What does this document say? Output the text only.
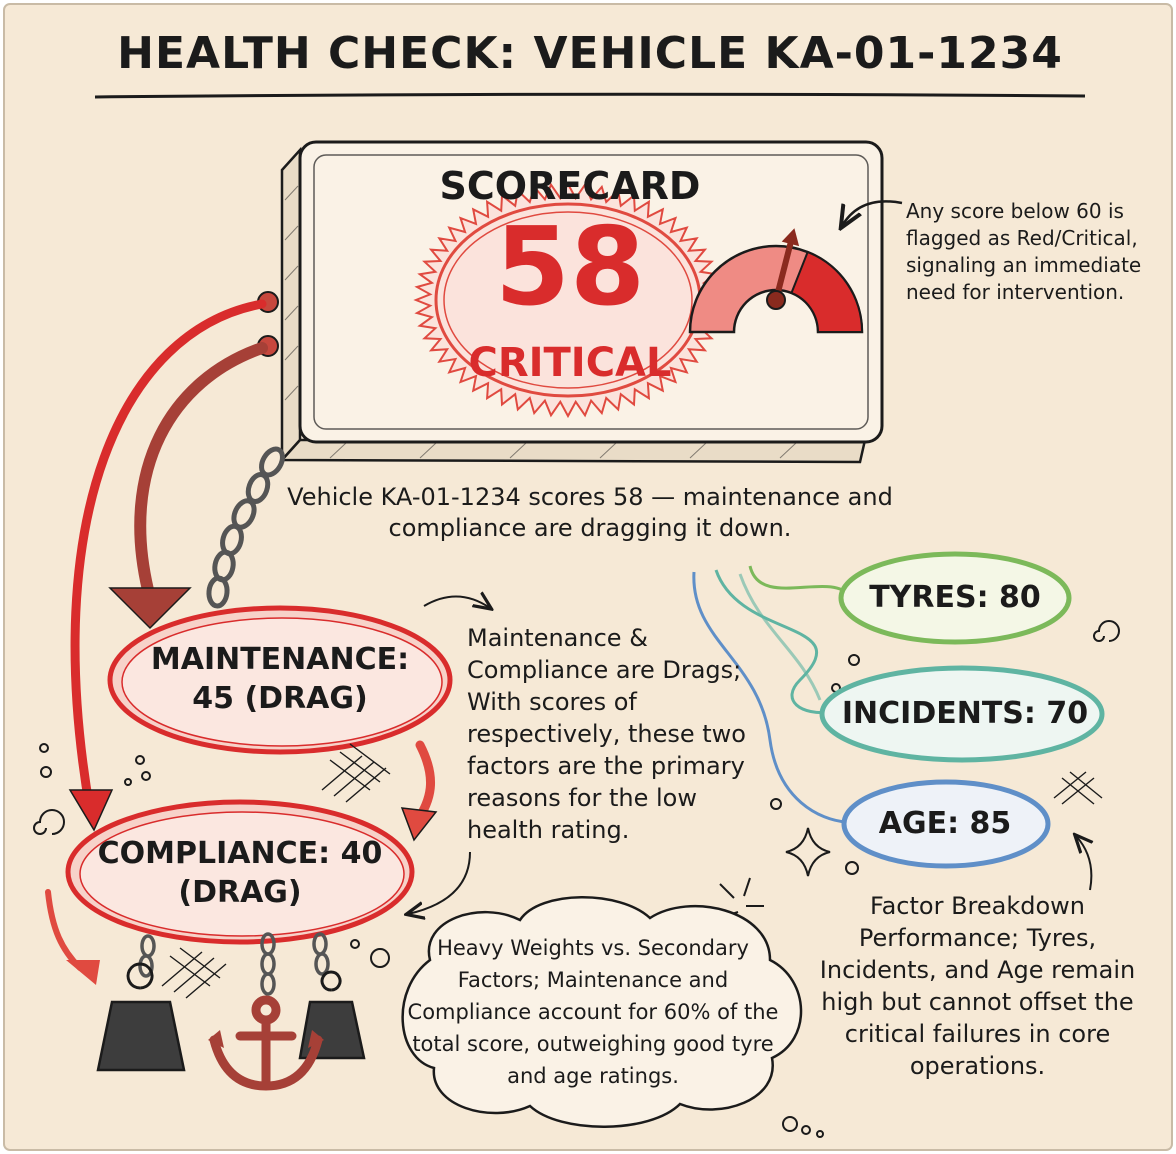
HEALTH CHECK: VEHICLE KA-01-1234
SCORECARD
58
CRITICAL
Any score below 60 is flagged as Red/Critical, signaling an immediate need for intervention.
Vehicle KA-01-1234 scores 58 — maintenance and compliance are dragging it down.
MAINTENANCE:
45 (DRAG)
COMPLIANCE: 40
(DRAG)
TYRES: 80
INCIDENTS: 70
AGE: 85
Maintenance & Compliance are Drags; With scores of respectively, these two factors are the primary reasons for the low health rating.
Heavy Weights vs. Secondary Factors; Maintenance and Compliance account for 60% of the total score, outweighing good tyre and age ratings.
Factor Breakdown Performance; Tyres, Incidents, and Age remain high but cannot offset the critical failures in core operations.
